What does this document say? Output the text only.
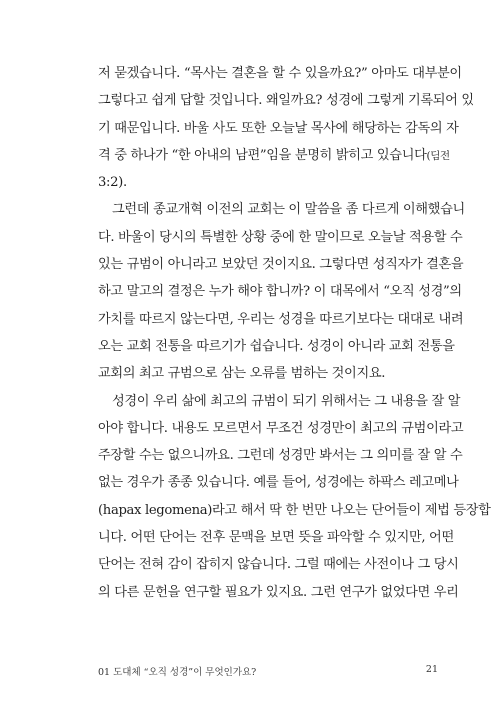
저 묻겠습니다. “목사는 결혼을 할 수 있을까요?” 아마도 대부분이
그렇다고 쉽게 답할 것입니다. 왜일까요? 성경에 그렇게 기록되어 있
기 때문입니다. 바울 사도 또한 오늘날 목사에 해당하는 감독의 자
격 중 하나가 “한 아내의 남편”임을 분명히 밝히고 있습니다(딤전
3:2).
그런데 종교개혁 이전의 교회는 이 말씀을 좀 다르게 이해했습니
다. 바울이 당시의 특별한 상황 중에 한 말이므로 오늘날 적용할 수
있는 규범이 아니라고 보았던 것이지요. 그렇다면 성직자가 결혼을
하고 말고의 결정은 누가 해야 합니까? 이 대목에서 “오직 성경”의
가치를 따르지 않는다면, 우리는 성경을 따르기보다는 대대로 내려
오는 교회 전통을 따르기가 쉽습니다. 성경이 아니라 교회 전통을
교회의 최고 규범으로 삼는 오류를 범하는 것이지요.
성경이 우리 삶에 최고의 규범이 되기 위해서는 그 내용을 잘 알
아야 합니다. 내용도 모르면서 무조건 성경만이 최고의 규범이라고
주장할 수는 없으니까요. 그런데 성경만 봐서는 그 의미를 잘 알 수
없는 경우가 종종 있습니다. 예를 들어, 성경에는 하팍스 레고메나
(hapax legomena)라고 해서 딱 한 번만 나오는 단어들이 제법 등장합
니다. 어떤 단어는 전후 문맥을 보면 뜻을 파악할 수 있지만, 어떤
단어는 전혀 감이 잡히지 않습니다. 그럴 때에는 사전이나 그 당시
의 다른 문헌을 연구할 필요가 있지요. 그런 연구가 없었다면 우리
01 도대체 “오직 성경”이 무엇인가요?	21
